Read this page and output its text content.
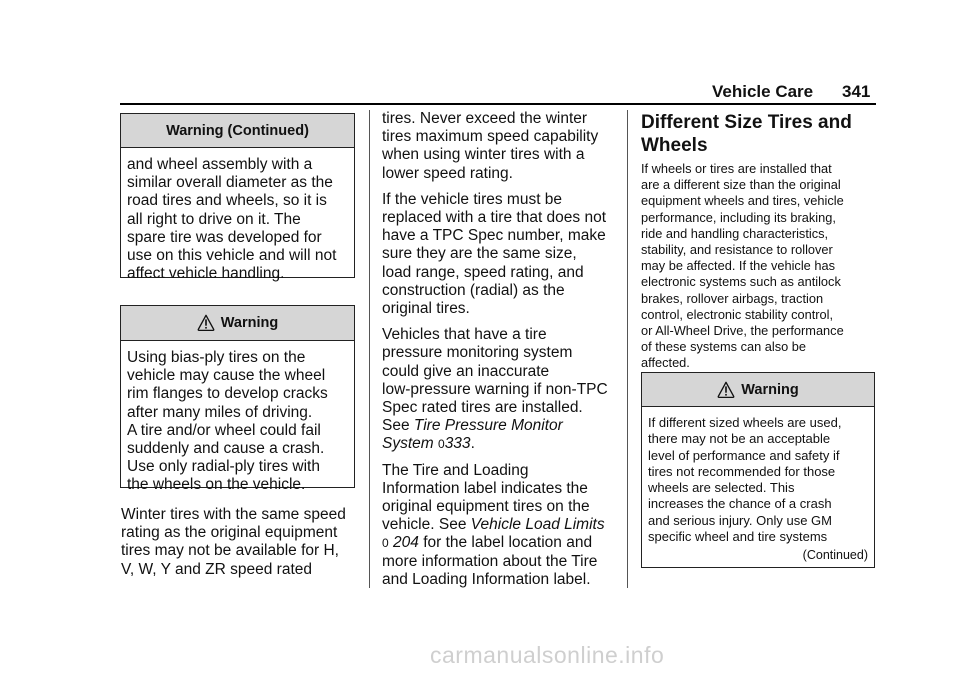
Vehicle Care 341
Warning (Continued)
and wheel assembly with a
similar overall diameter as the
road tires and wheels, so it is
all right to drive on it. The
spare tire was developed for
use on this vehicle and will not
affect vehicle handling.
Warning
Using bias-ply tires on the
vehicle may cause the wheel
rim flanges to develop cracks
after many miles of driving.
A tire and/or wheel could fail
suddenly and cause a crash.
Use only radial-ply tires with
the wheels on the vehicle.
Winter tires with the same speed
rating as the original equipment
tires may not be available for H,
V, W, Y and ZR speed rated

tires. Never exceed the winter
tires maximum speed capability
when using winter tires with a
lower speed rating.

If the vehicle tires must be
replaced with a tire that does not
have a TPC Spec number, make
sure they are the same size,
load range, speed rating, and
construction (radial) as the
original tires.

Vehicles that have a tire
pressure monitoring system
could give an inaccurate
low-pressure warning if non-TPC
Spec rated tires are installed.
See Tire Pressure Monitor
System 0333.

The Tire and Loading
Information label indicates the
original equipment tires on the
vehicle. See Vehicle Load Limits
0 204 for the label location and
more information about the Tire
and Loading Information label.

Different Size Tires and
Wheels
If wheels or tires are installed that
are a different size than the original
equipment wheels and tires, vehicle
performance, including its braking,
ride and handling characteristics,
stability, and resistance to rollover
may be affected. If the vehicle has
electronic systems such as antilock
brakes, rollover airbags, traction
control, electronic stability control,
or All-Wheel Drive, the performance
of these systems can also be
affected.
Warning
If different sized wheels are used,
there may not be an acceptable
level of performance and safety if
tires not recommended for those
wheels are selected. This
increases the chance of a crash
and serious injury. Only use GM
specific wheel and tire systems
(Continued)
carmanualsonline.info
